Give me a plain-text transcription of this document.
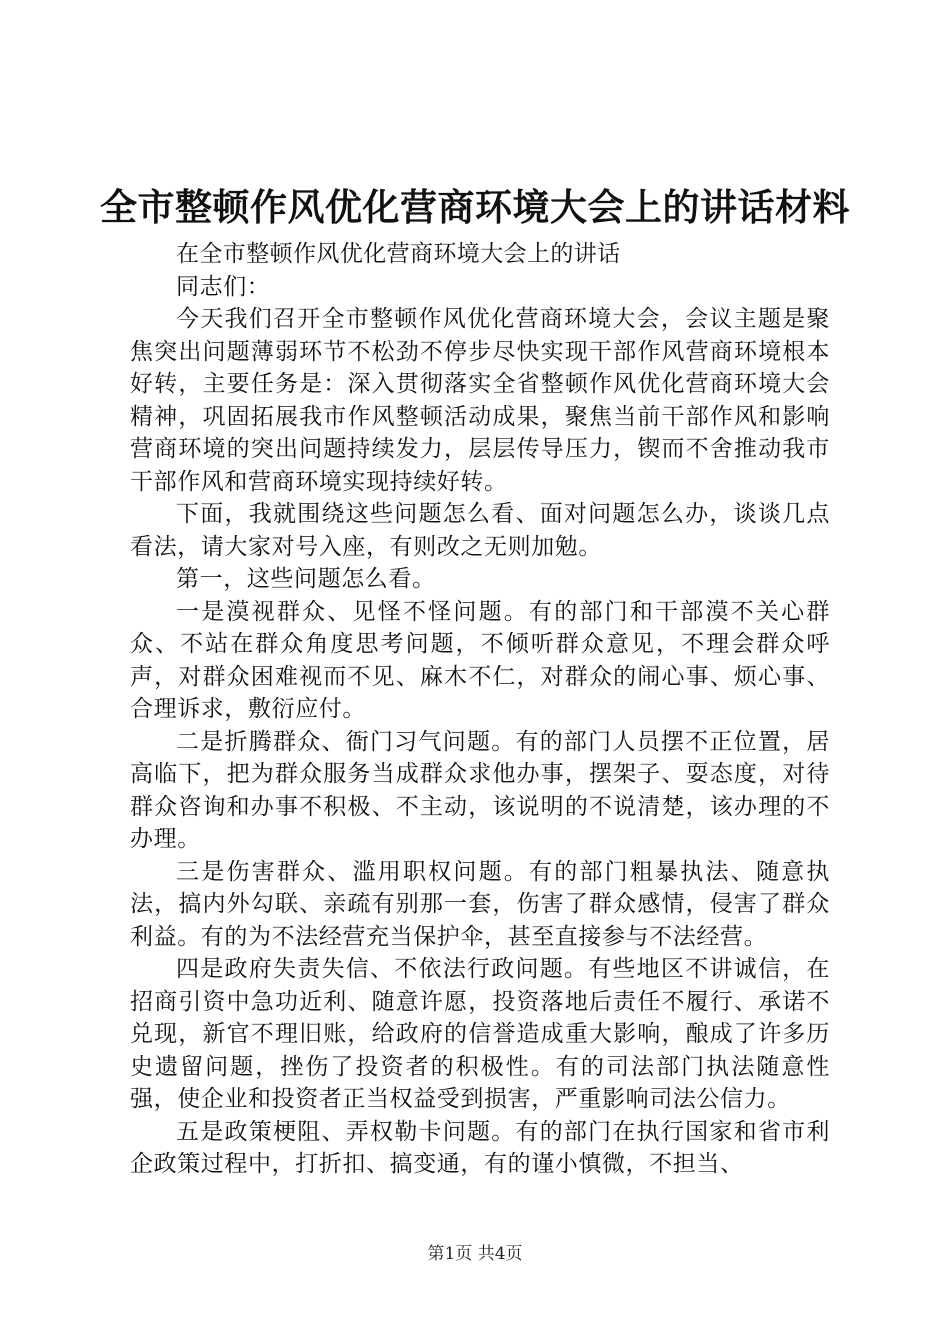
全市整顿作风优化营商环境大会上的讲话材料

在全市整顿作风优化营商环境大会上的讲话

同志们：

今天我们召开全市整顿作风优化营商环境大会，会议主题是聚焦突出问题薄弱环节不松劲不停步尽快实现干部作风营商环境根本好转，主要任务是：深入贯彻落实全省整顿作风优化营商环境大会精神，巩固拓展我市作风整顿活动成果，聚焦当前干部作风和影响营商环境的突出问题持续发力，层层传导压力，锲而不舍推动我市干部作风和营商环境实现持续好转。

下面，我就围绕这些问题怎么看、面对问题怎么办，谈谈几点看法，请大家对号入座，有则改之无则加勉。

第一，这些问题怎么看。

一是漠视群众、见怪不怪问题。有的部门和干部漠不关心群众、不站在群众角度思考问题，不倾听群众意见，不理会群众呼声，对群众困难视而不见、麻木不仁，对群众的闹心事、烦心事、合理诉求，敷衍应付。

二是折腾群众、衙门习气问题。有的部门人员摆不正位置，居高临下，把为群众服务当成群众求他办事，摆架子、耍态度，对待群众咨询和办事不积极、不主动，该说明的不说清楚，该办理的不办理。

三是伤害群众、滥用职权问题。有的部门粗暴执法、随意执法，搞内外勾联、亲疏有别那一套，伤害了群众感情，侵害了群众利益。有的为不法经营充当保护伞，甚至直接参与不法经营。

四是政府失责失信、不依法行政问题。有些地区不讲诚信，在招商引资中急功近利、随意许愿，投资落地后责任不履行、承诺不兑现，新官不理旧账，给政府的信誉造成重大影响，酿成了许多历史遗留问题，挫伤了投资者的积极性。有的司法部门执法随意性强，使企业和投资者正当权益受到损害，严重影响司法公信力。

五是政策梗阻、弄权勒卡问题。有的部门在执行国家和省市利企政策过程中，打折扣、搞变通，有的谨小慎微，不担当、

第1页 共4页
